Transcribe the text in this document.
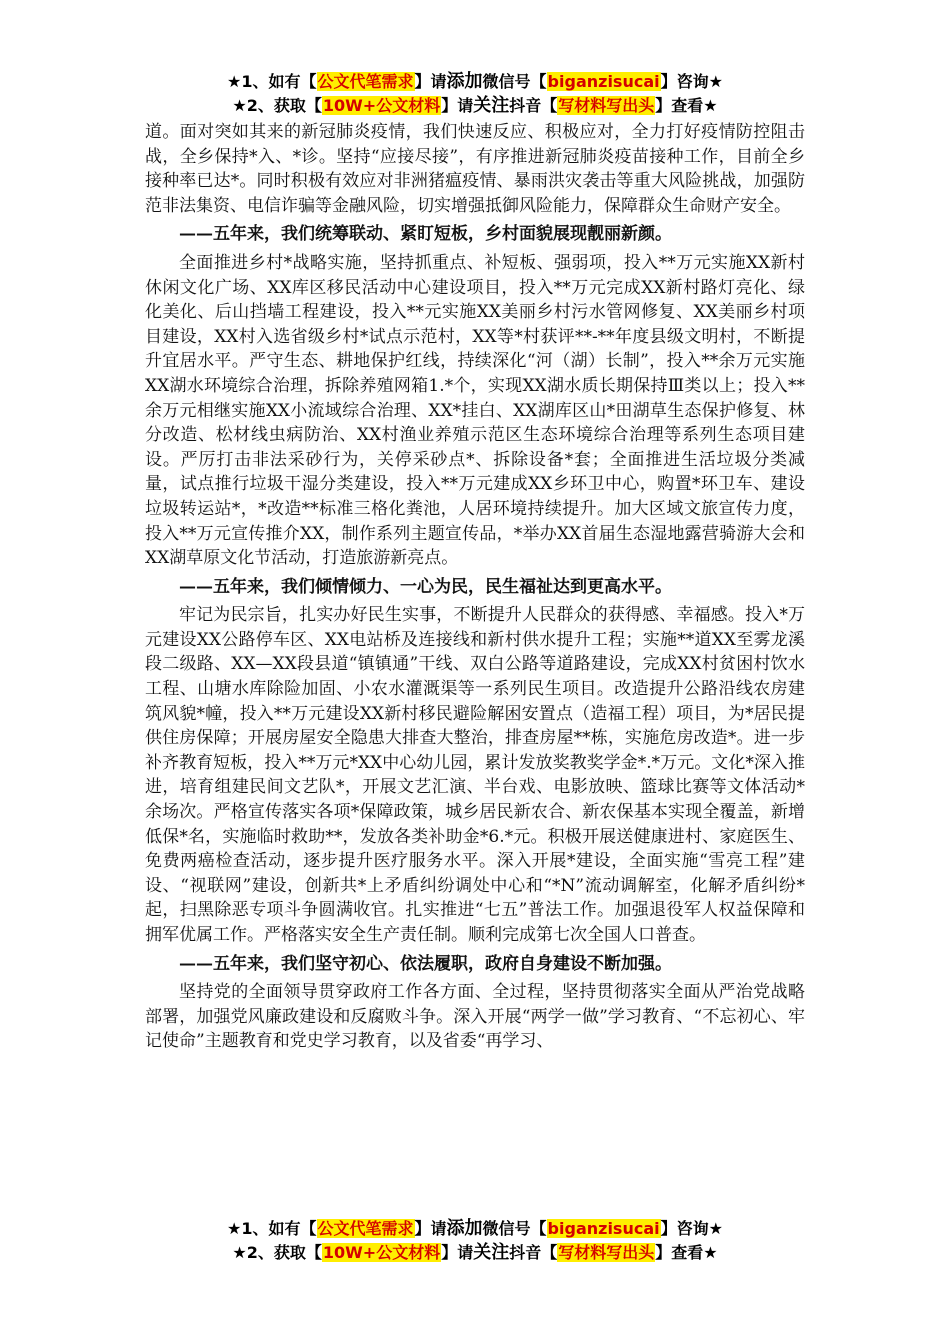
★1、如有【公文代笔需求】请添加微信号【biganzisucai】咨询★
★2、获取【10W+公文材料】请关注抖音【写材料写出头】查看★

道。面对突如其来的新冠肺炎疫情，我们快速反应、积极应对，全力打好疫情防控阻击战，全乡保持*入、*诊。坚持“应接尽接”，有序推进新冠肺炎疫苗接种工作，目前全乡接种率已达*。同时积极有效应对非洲猪瘟疫情、暴雨洪灾袭击等重大风险挑战，加强防范非法集资、电信诈骗等金融风险，切实增强抵御风险能力，保障群众生命财产安全。

——五年来，我们统筹联动、紧盯短板，乡村面貌展现靓丽新颜。

全面推进乡村*战略实施，坚持抓重点、补短板、强弱项，投入**万元实施XX新村休闲文化广场、XX库区移民活动中心建设项目，投入**万元完成XX新村路灯亮化、绿化美化、后山挡墙工程建设，投入**元实施XX美丽乡村污水管网修复、XX美丽乡村项目建设，XX村入选省级乡村*试点示范村，XX等*村获评**-**年度县级文明村，不断提升宜居水平。严守生态、耕地保护红线，持续深化“河（湖）长制”，投入**余万元实施XX湖水环境综合治理，拆除养殖网箱1.*个，实现XX湖水质长期保持Ⅲ类以上；投入**余万元相继实施XX小流域综合治理、XX*挂白、XX湖库区山*田湖草生态保护修复、林分改造、松材线虫病防治、XX村渔业养殖示范区生态环境综合治理等系列生态项目建设。严厉打击非法采砂行为，关停采砂点*、拆除设备*套；全面推进生活垃圾分类减量，试点推行垃圾干湿分类建设，投入**万元建成XX乡环卫中心，购置*环卫车、建设垃圾转运站*，*改造**标准三格化粪池，人居环境持续提升。加大区域文旅宣传力度，投入**万元宣传推介XX，制作系列主题宣传品，*举办XX首届生态湿地露营骑游大会和XX湖草原文化节活动，打造旅游新亮点。

——五年来，我们倾情倾力、一心为民，民生福祉达到更高水平。

牢记为民宗旨，扎实办好民生实事，不断提升人民群众的获得感、幸福感。投入*万元建设XX公路停车区、XX电站桥及连接线和新村供水提升工程；实施**道XX至雾龙溪段二级路、XX—XX段县道“镇镇通”干线、双白公路等道路建设，完成XX村贫困村饮水工程、山塘水库除险加固、小农水灌溉渠等一系列民生项目。改造提升公路沿线农房建筑风貌*幢，投入**万元建设XX新村移民避险解困安置点（造福工程）项目，为*居民提供住房保障；开展房屋安全隐患大排查大整治，排查房屋**栋，实施危房改造*。进一步补齐教育短板，投入**万元*XX中心幼儿园，累计发放奖教奖学金*.*万元。文化*深入推进，培育组建民间文艺队*，开展文艺汇演、半台戏、电影放映、篮球比赛等文体活动*余场次。严格宣传落实各项*保障政策，城乡居民新农合、新农保基本实现全覆盖，新增低保*名，实施临时救助**，发放各类补助金*6.*元。积极开展送健康进村、家庭医生、免费两癌检查活动，逐步提升医疗服务水平。深入开展*建设，全面实施“雪亮工程”建设、“视联网”建设，创新共*上矛盾纠纷调处中心和“*N”流动调解室，化解矛盾纠纷*起，扫黑除恶专项斗争圆满收官。扎实推进“七五”普法工作。加强退役军人权益保障和拥军优属工作。严格落实安全生产责任制。顺利完成第七次全国人口普查。

——五年来，我们坚守初心、依法履职，政府自身建设不断加强。

坚持党的全面领导贯穿政府工作各方面、全过程，坚持贯彻落实全面从严治党战略部署，加强党风廉政建设和反腐败斗争。深入开展“两学一做”学习教育、“不忘初心、牢记使命”主题教育和党史学习教育，以及省委“再学习、

★1、如有【公文代笔需求】请添加微信号【biganzisucai】咨询★
★2、获取【10W+公文材料】请关注抖音【写材料写出头】查看★
